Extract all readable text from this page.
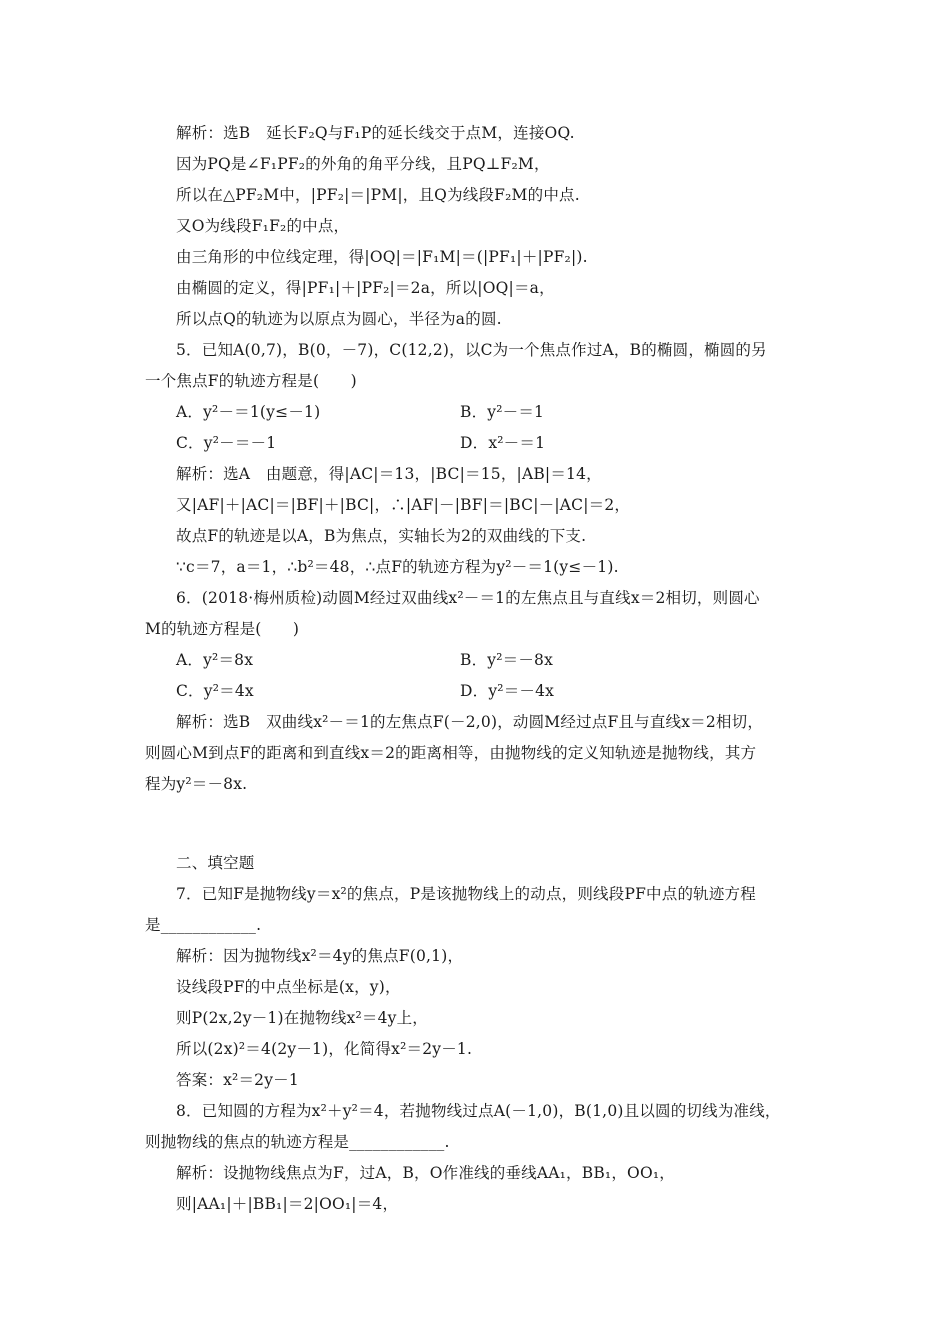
解析：选B　延长F₂Q与F₁P的延长线交于点M，连接OQ.
因为PQ是∠F₁PF₂的外角的角平分线，且PQ⊥F₂M，
所以在△PF₂M中，|PF₂|＝|PM|，且Q为线段F₂M的中点.
又O为线段F₁F₂的中点，
由三角形的中位线定理，得|OQ|＝|F₁M|＝(|PF₁|＋|PF₂|).
由椭圆的定义，得|PF₁|＋|PF₂|＝2a，所以|OQ|＝a，
所以点Q的轨迹为以原点为圆心，半径为a的圆.
5．已知A(0,7)，B(0，－7)，C(12,2)，以C为一个焦点作过A，B的椭圆，椭圆的另
一个焦点F的轨迹方程是(　　)
A．y²－＝1(y≤－1)	B．y²－＝1
C．y²－＝－1	D．x²－＝1
解析：选A　由题意，得|AC|＝13，|BC|＝15，|AB|＝14，
又|AF|＋|AC|＝|BF|＋|BC|，∴|AF|－|BF|＝|BC|－|AC|＝2，
故点F的轨迹是以A，B为焦点，实轴长为2的双曲线的下支.
∵c＝7，a＝1，∴b²＝48，∴点F的轨迹方程为y²－＝1(y≤－1).
6．(2018·梅州质检)动圆M经过双曲线x²－＝1的左焦点且与直线x＝2相切，则圆心
M的轨迹方程是(　　)
A．y²＝8x	B．y²＝－8x
C．y²＝4x	D．y²＝－4x
解析：选B　双曲线x²－＝1的左焦点F(－2,0)，动圆M经过点F且与直线x＝2相切，
则圆心M到点F的距离和到直线x＝2的距离相等，由抛物线的定义知轨迹是抛物线，其方
程为y²＝－8x.
二、填空题
7．已知F是抛物线y＝x²的焦点，P是该抛物线上的动点，则线段PF中点的轨迹方程
是____________.
解析：因为抛物线x²＝4y的焦点F(0,1)，
设线段PF的中点坐标是(x，y)，
则P(2x,2y－1)在抛物线x²＝4y上，
所以(2x)²＝4(2y－1)，化简得x²＝2y－1.
答案：x²＝2y－1
8．已知圆的方程为x²＋y²＝4，若抛物线过点A(－1,0)，B(1,0)且以圆的切线为准线，
则抛物线的焦点的轨迹方程是____________.
解析：设抛物线焦点为F，过A，B，O作准线的垂线AA₁，BB₁，OO₁，
则|AA₁|＋|BB₁|＝2|OO₁|＝4，
